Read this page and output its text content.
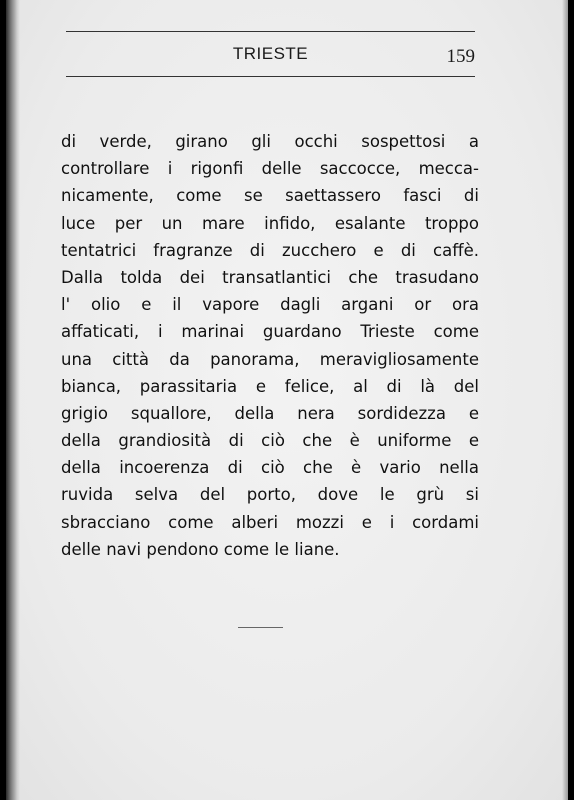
TRIESTE	159
di verde, girano gli occhi sospettosi a
controllare i rigonfi delle saccocce, mecca-
nicamente, come se saettassero fasci di
luce per un mare infido, esalante troppo
tentatrici fragranze di zucchero e di caffè.
Dalla tolda dei transatlantici che trasudano
l' olio e il vapore dagli argani or ora
affaticati, i marinai guardano Trieste come
una città da panorama, meravigliosamente
bianca, parassitaria e felice, al di là del
grigio squallore, della nera sordidezza e
della grandiosità di ciò che è uniforme e
della incoerenza di ciò che è vario nella
ruvida selva del porto, dove le grù si
sbracciano come alberi mozzi e i cordami
delle navi pendono come le liane.
